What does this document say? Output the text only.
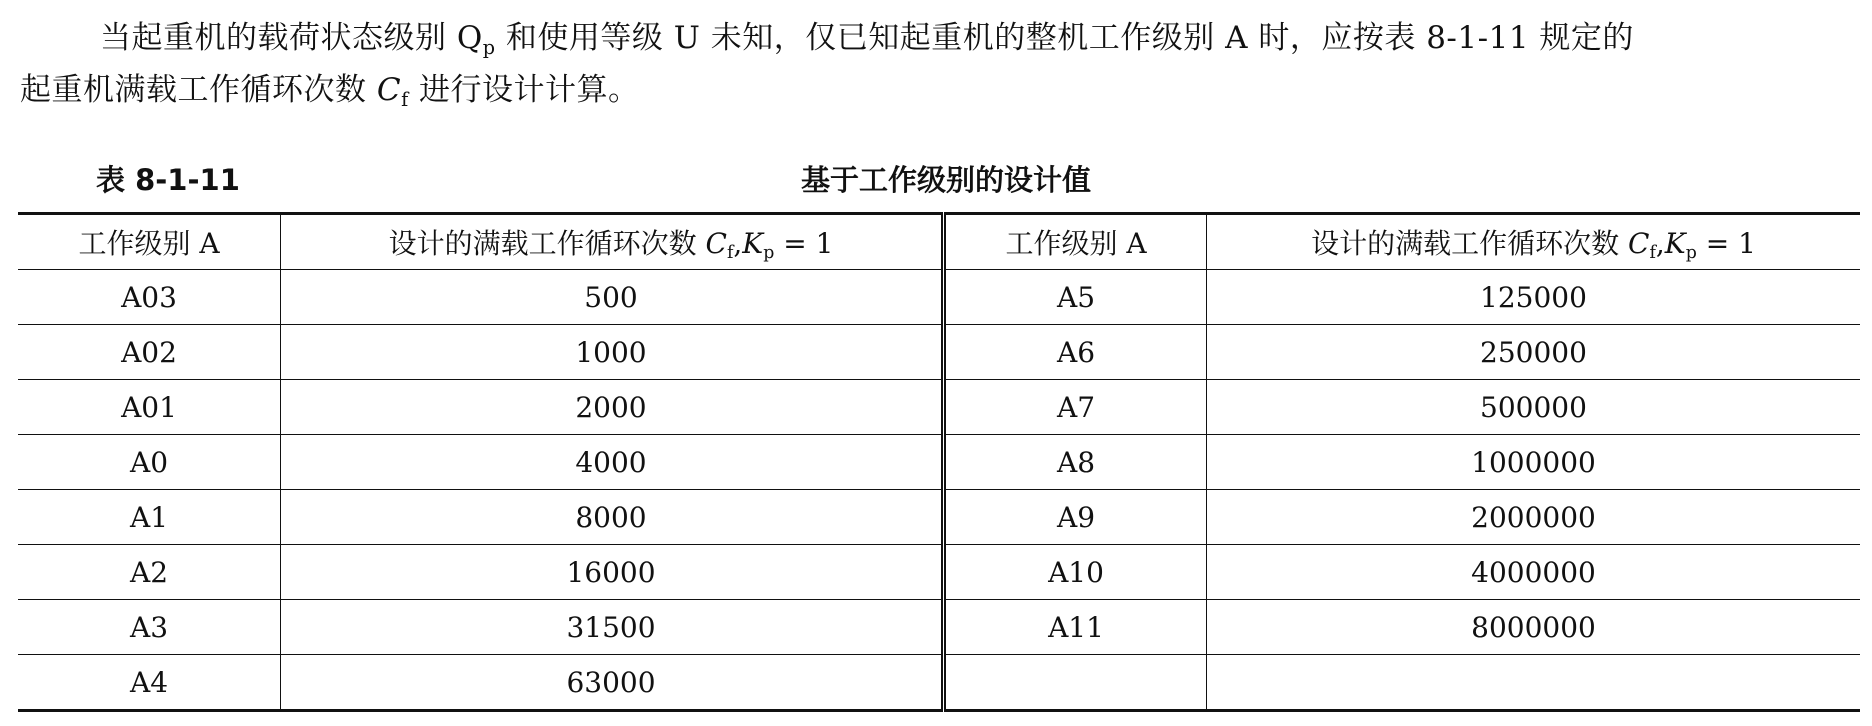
当起重机的载荷状态级别 $Q_p$ 和使用等级 U 未知，仅已知起重机的整机工作级别 A 时，应按表 8-1-11 规定的
起重机满载工作循环次数 $C_f$ 进行设计计算。
表 8-1-11	基于工作级别的设计值
工作级别 A	设计的满载工作循环次数 $C_f,K_p = 1$	工作级别 A	设计的满载工作循环次数 $C_f,K_p = 1$
A03	500	A5	125000
A02	1000	A6	250000
A01	2000	A7	500000
A0	4000	A8	1000000
A1	8000	A9	2000000
A2	16000	A10	4000000
A3	31500	A11	8000000
A4	63000		
